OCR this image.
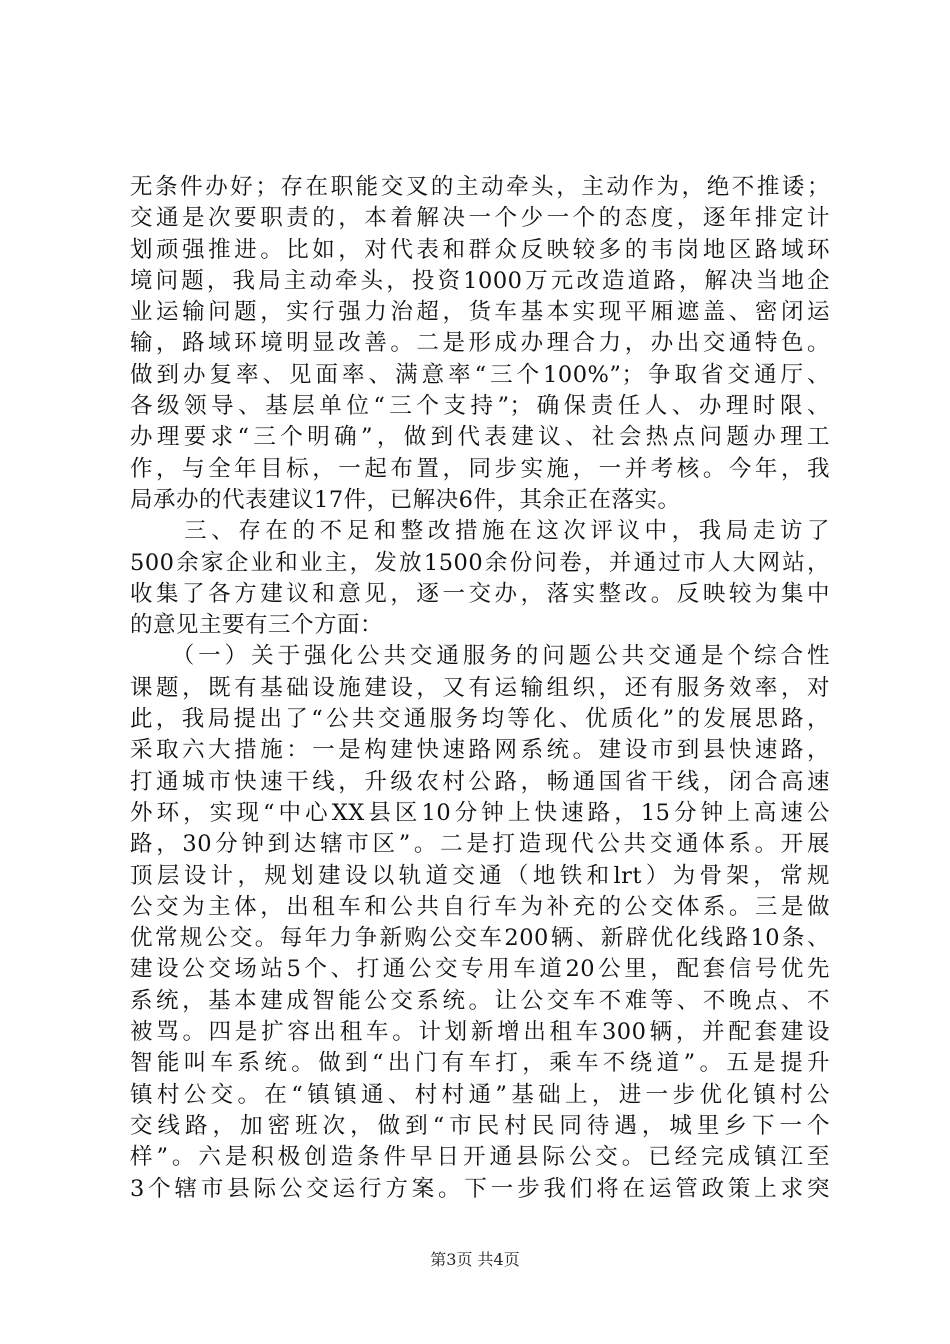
无条件办好；存在职能交叉的主动牵头，主动作为，绝不推诿；
交通是次要职责的，本着解决一个少一个的态度，逐年排定计
划顽强推进。比如，对代表和群众反映较多的韦岗地区路域环
境问题，我局主动牵头，投资1000万元改造道路，解决当地企
业运输问题，实行强力治超，货车基本实现平厢遮盖、密闭运
输，路域环境明显改善。二是形成办理合力，办出交通特色。
做到办复率、见面率、满意率“三个100%”；争取省交通厅、
各级领导、基层单位“三个支持”；确保责任人、办理时限、
办理要求“三个明确”，做到代表建议、社会热点问题办理工
作，与全年目标，一起布置，同步实施，一并考核。今年，我
局承办的代表建议17件，已解决6件，其余正在落实。
　　三、存在的不足和整改措施在这次评议中，我局走访了
500余家企业和业主，发放1500余份问卷，并通过市人大网站，
收集了各方建议和意见，逐一交办，落实整改。反映较为集中
的意见主要有三个方面：
　　（一）关于强化公共交通服务的问题公共交通是个综合性
课题，既有基础设施建设，又有运输组织，还有服务效率，对
此，我局提出了“公共交通服务均等化、优质化”的发展思路，
采取六大措施：一是构建快速路网系统。建设市到县快速路，
打通城市快速干线，升级农村公路，畅通国省干线，闭合高速
外环，实现“中心XX县区10分钟上快速路，15分钟上高速公
路，30分钟到达辖市区”。二是打造现代公共交通体系。开展
顶层设计，规划建设以轨道交通（地铁和lrt）为骨架，常规
公交为主体，出租车和公共自行车为补充的公交体系。三是做
优常规公交。每年力争新购公交车200辆、新辟优化线路10条、
建设公交场站5个、打通公交专用车道20公里，配套信号优先
系统，基本建成智能公交系统。让公交车不难等、不晚点、不
被骂。四是扩容出租车。计划新增出租车300辆，并配套建设
智能叫车系统。做到“出门有车打，乘车不绕道”。五是提升
镇村公交。在“镇镇通、村村通”基础上，进一步优化镇村公
交线路，加密班次，做到“市民村民同待遇，城里乡下一个
样”。六是积极创造条件早日开通县际公交。已经完成镇江至
3个辖市县际公交运行方案。下一步我们将在运管政策上求突
第3页 共4页
